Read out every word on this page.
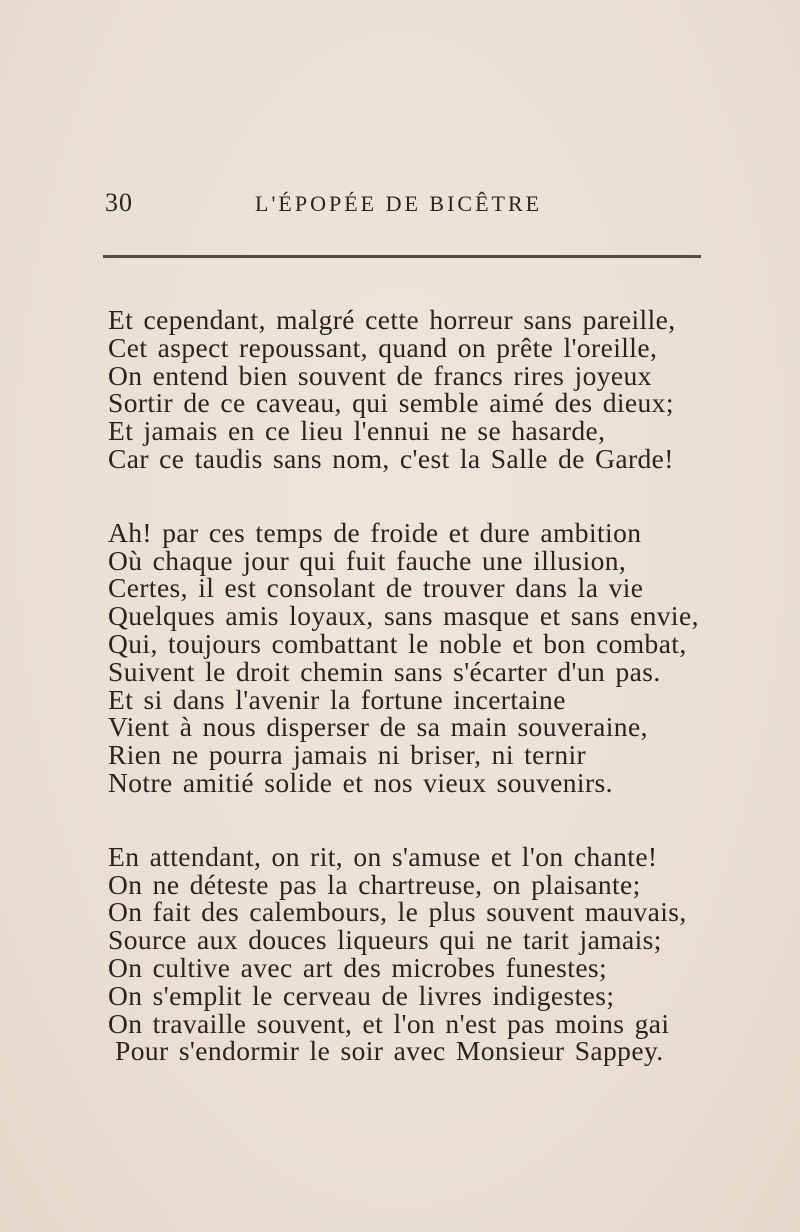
30	L'ÉPOPÉE DE BICÊTRE
Et cependant, malgré cette horreur sans pareille,
Cet aspect repoussant, quand on prête l'oreille,
On entend bien souvent de francs rires joyeux
Sortir de ce caveau, qui semble aimé des dieux;
Et jamais en ce lieu l'ennui ne se hasarde,
Car ce taudis sans nom, c'est la Salle de Garde!
Ah! par ces temps de froide et dure ambition
Où chaque jour qui fuit fauche une illusion,
Certes, il est consolant de trouver dans la vie
Quelques amis loyaux, sans masque et sans envie,
Qui, toujours combattant le noble et bon combat,
Suivent le droit chemin sans s'écarter d'un pas.
Et si dans l'avenir la fortune incertaine
Vient à nous disperser de sa main souveraine,
Rien ne pourra jamais ni briser, ni ternir
Notre amitié solide et nos vieux souvenirs.
En attendant, on rit, on s'amuse et l'on chante!
On ne déteste pas la chartreuse, on plaisante;
On fait des calembours, le plus souvent mauvais,
Source aux douces liqueurs qui ne tarit jamais;
On cultive avec art des microbes funestes;
On s'emplit le cerveau de livres indigestes;
On travaille souvent, et l'on n'est pas moins gai
Pour s'endormir le soir avec Monsieur Sappey.
